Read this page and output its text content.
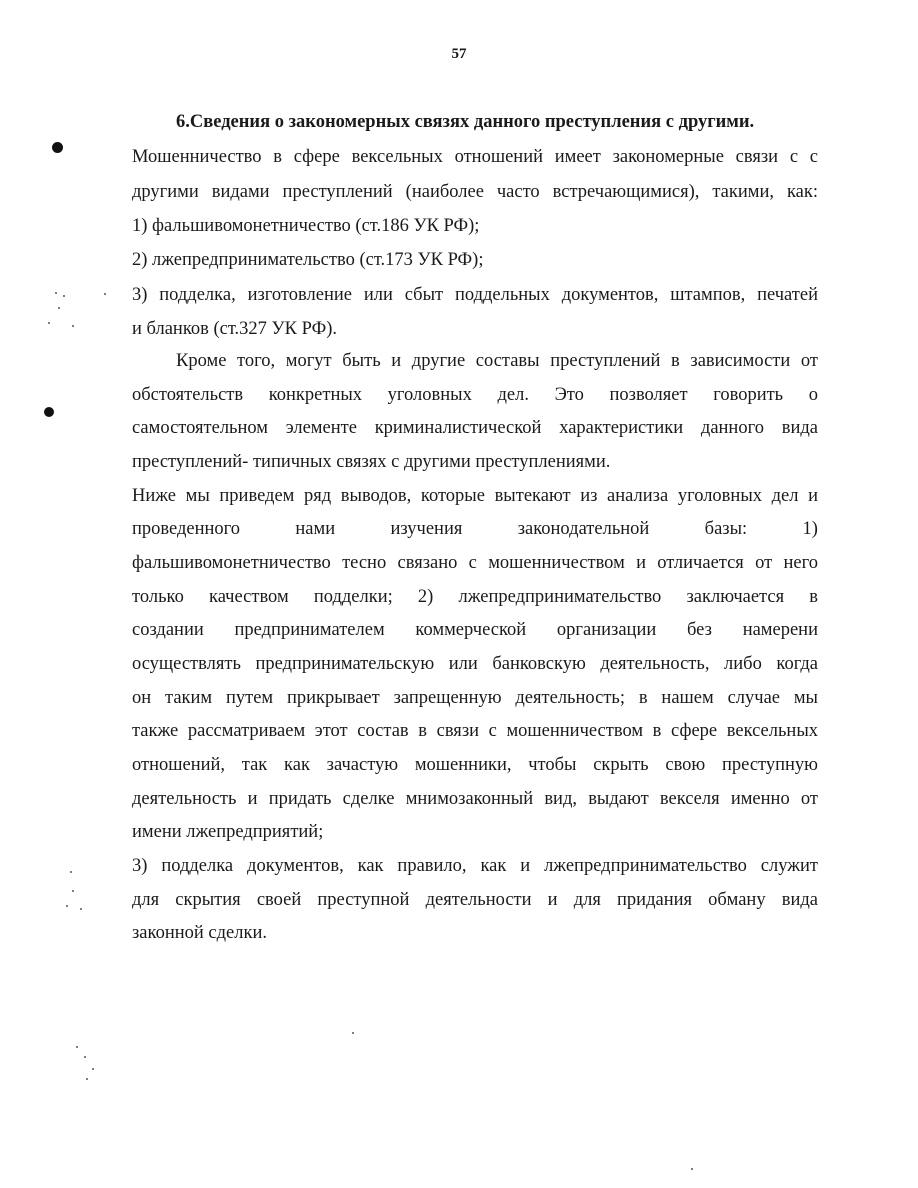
57
6.Сведения о закономерных связях данного преступления с другими.
Мошенничество в сфере вексельных отношений имеет закономерные связи с с
другими видами преступлений (наиболее часто встречающимися), такими, как:
1) фальшивомонетничество (ст.186 УК РФ);
2) лжепредпринимательство (ст.173 УК РФ);
3) подделка, изготовление или сбыт поддельных документов, штампов, печатей
и бланков (ст.327 УК РФ).
Кроме того, могут быть и другие составы преступлений в зависимости от
обстоятельств конкретных уголовных дел. Это позволяет говорить о
самостоятельном элементе криминалистической характеристики данного вида
преступлений- типичных связях с другими преступлениями.
Ниже мы приведем ряд выводов, которые вытекают из анализа уголовных дел и
проведенного	нами	изучения	законодательной	базы:	1)
фальшивомонетничество тесно связано с мошенничеством и отличается от него
только качеством подделки; 2) лжепредпринимательство заключается в
создании предпринимателем коммерческой организации без намерени
осуществлять предпринимательскую или банковскую деятельность, либо когда
он таким путем прикрывает запрещенную деятельность; в нашем случае мы
также рассматриваем этот состав в связи с мошенничеством в сфере вексельных
отношений, так как зачастую мошенники, чтобы скрыть свою преступную
деятельность и придать сделке мнимозаконный вид, выдают векселя именно от
имени лжепредприятий;
3) подделка документов, как правило, как и лжепредпринимательство служит
для скрытия своей преступной деятельности и для придания обману вида
законной сделки.
